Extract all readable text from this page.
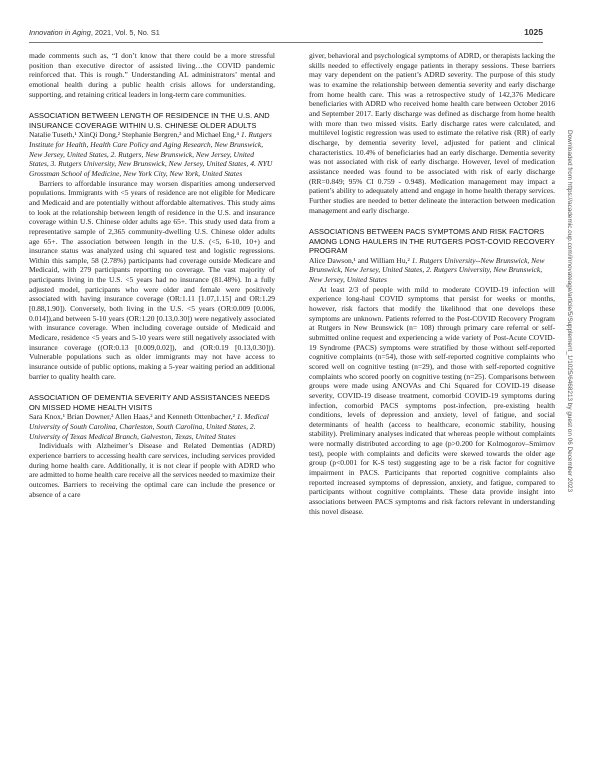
Innovation in Aging, 2021, Vol. 5, No. S1	1025

made comments such as, “I don’t know that there could be a more stressful position than executive director of assisted living…the COVID pandemic reinforced that. This is rough.” Understanding AL administrators’ mental and emotional health during a public health crisis allows for understanding, supporting, and retaining critical leaders in long-term care communities.

ASSOCIATION BETWEEN LENGTH OF RESIDENCE IN THE U.S. AND INSURANCE COVERAGE WITHIN U.S. CHINESE OLDER ADULTS

Natalie Tuseth,¹ XinQi Dong,² Stephanie Bergren,³ and Michael Eng,⁴ 1. Rutgers Institute for Health, Health Care Policy and Aging Research, New Brunswick, New Jersey, United States, 2. Rutgers, New Brunswick, New Jersey, United States, 3. Rutgers University, New Brunswick, New Jersey, United States, 4. NYU Grossman School of Medicine, New York City, New York, United States

Barriers to affordable insurance may worsen disparities among underserved populations. Immigrants with <5 years of residence are not eligible for Medicare and Medicaid and are potentially without affordable alternatives. This study aims to look at the relationship between length of residence in the U.S. and insurance coverage within U.S. Chinese older adults age 65+. This study used data from a representative sample of 2,365 community-dwelling U.S. Chinese older adults age 65+. The association between length in the U.S. (<5, 6-10, 10+) and insurance status was analyzed using chi squared test and logistic regressions. Within this sample, 58 (2.78%) participants had coverage outside Medicare and Medicaid, with 279 participants reporting no coverage. The vast majority of participants living in the U.S. <5 years had no insurance (81.48%). In a fully adjusted model, participants who were older and female were positively associated with having insurance coverage (OR:1.11 [1.07,1.15] and OR:1.29 [0.88,1.90]). Conversely, both living in the U.S. <5 years (OR:0.009 [0.006, 0.014]),and between 5-10 years (OR:1.20 [0.13,0.30]) were negatively associated with insurance coverage. When including coverage outside of Medicaid and Medicare, residence <5 years and 5-10 years were still negatively associated with insurance coverage ((OR:0.13 [0.009,0.02]), and (OR:0.19 [0.13,0.30])). Vulnerable populations such as older immigrants may not have access to insurance outside of public options, making a 5-year waiting period an additional barrier to quality health care.

ASSOCIATION OF DEMENTIA SEVERITY AND ASSISTANCES NEEDS ON MISSED HOME HEALTH VISITS

Sara Knox,¹ Brian Downer,² Allen Haas,² and Kenneth Ottenbacher,² 1. Medical University of South Carolina, Charleston, South Carolina, United States, 2. University of Texas Medical Branch, Galveston, Texas, United States

Individuals with Alzheimer’s Disease and Related Dementias (ADRD) experience barriers to accessing health care services, including services provided during home health care. Additionally, it is not clear if people with ADRD who are admitted to home health care receive all the services needed to maximize their outcomes. Barriers to receiving the optimal care can include the presence or absence of a care

giver, behavioral and psychological symptoms of ADRD, or therapists lacking the skills needed to effectively engage patients in therapy sessions. These barriers may vary dependent on the patient’s ADRD severity. The purpose of this study was to examine the relationship between dementia severity and early discharge from home health care. This was a retrospective study of 142,376 Medicare beneficiaries with ADRD who received home health care between October 2016 and September 2017. Early discharge was defined as discharge from home health with more than two missed visits. Early discharge rates were calculated, and multilevel logistic regression was used to estimate the relative risk (RR) of early discharge, by dementia severity level, adjusted for patient and clinical characteristics. 10.4% of beneficiaries had an early discharge. Dementia severity was not associated with risk of early discharge. However, level of medication assistance needed was found to be associated with risk of early discharge (RR=0.849; 95% CI 0.759 - 0.948). Medication management may impact a patient’s ability to adequately attend and engage in home health therapy services. Further studies are needed to better delineate the interaction between medication management and early discharge.

ASSOCIATIONS BETWEEN PACS SYMPTOMS AND RISK FACTORS AMONG LONG HAULERS IN THE RUTGERS POST-COVID RECOVERY PROGRAM

Alice Dawson,¹ and William Hu,² 1. Rutgers University--New Brunswick, New Brunswick, New Jersey, United States, 2. Rutgers University, New Brunswick, New Jersey, United States

At least 2/3 of people with mild to moderate COVID-19 infection will experience long-haul COVID symptoms that persist for weeks or months, however, risk factors that modify the likelihood that one develops these symptoms are unknown. Patients referred to the Post-COVID Recovery Program at Rutgers in New Brunswick (n= 108) through primary care referral or self-submitted online request and experiencing a wide variety of Post-Acute COVID-19 Syndrome (PACS) symptoms were stratified by those without self-reported cognitive complaints (n=54), those with self-reported cognitive complaints who scored well on cognitive testing (n=29), and those with self-reported cognitive complaints who scored poorly on cognitive testing (n=25). Comparisons between groups were made using ANOVAs and Chi Squared for COVID-19 disease severity, COVID-19 disease treatment, comorbid COVID-19 symptoms during infection, comorbid PACS symptoms post-infection, pre-existing health conditions, levels of depression and anxiety, level of fatigue, and social determinants of health (access to healthcare, economic stability, housing stability). Preliminary analyses indicated that whereas people without complaints were normally distributed according to age (p>0.200 for Kolmogorov–Smirnov test), people with complaints and deficits were skewed towards the older age group (p<0.001 for K-S test) suggesting age to be a risk factor for cognitive impairment in PACS. Participants that reported cognitive complaints also reported increased symptoms of depression, anxiety, and fatigue, compared to participants without cognitive complaints. These data provide insight into associations between PACS symptoms and risk factors relevant in understanding this novel disease.

Downloaded from https://academic.oup.com/innovateage/article/5/Supplement_1/1025/6468213 by guest on 06 December 2023
